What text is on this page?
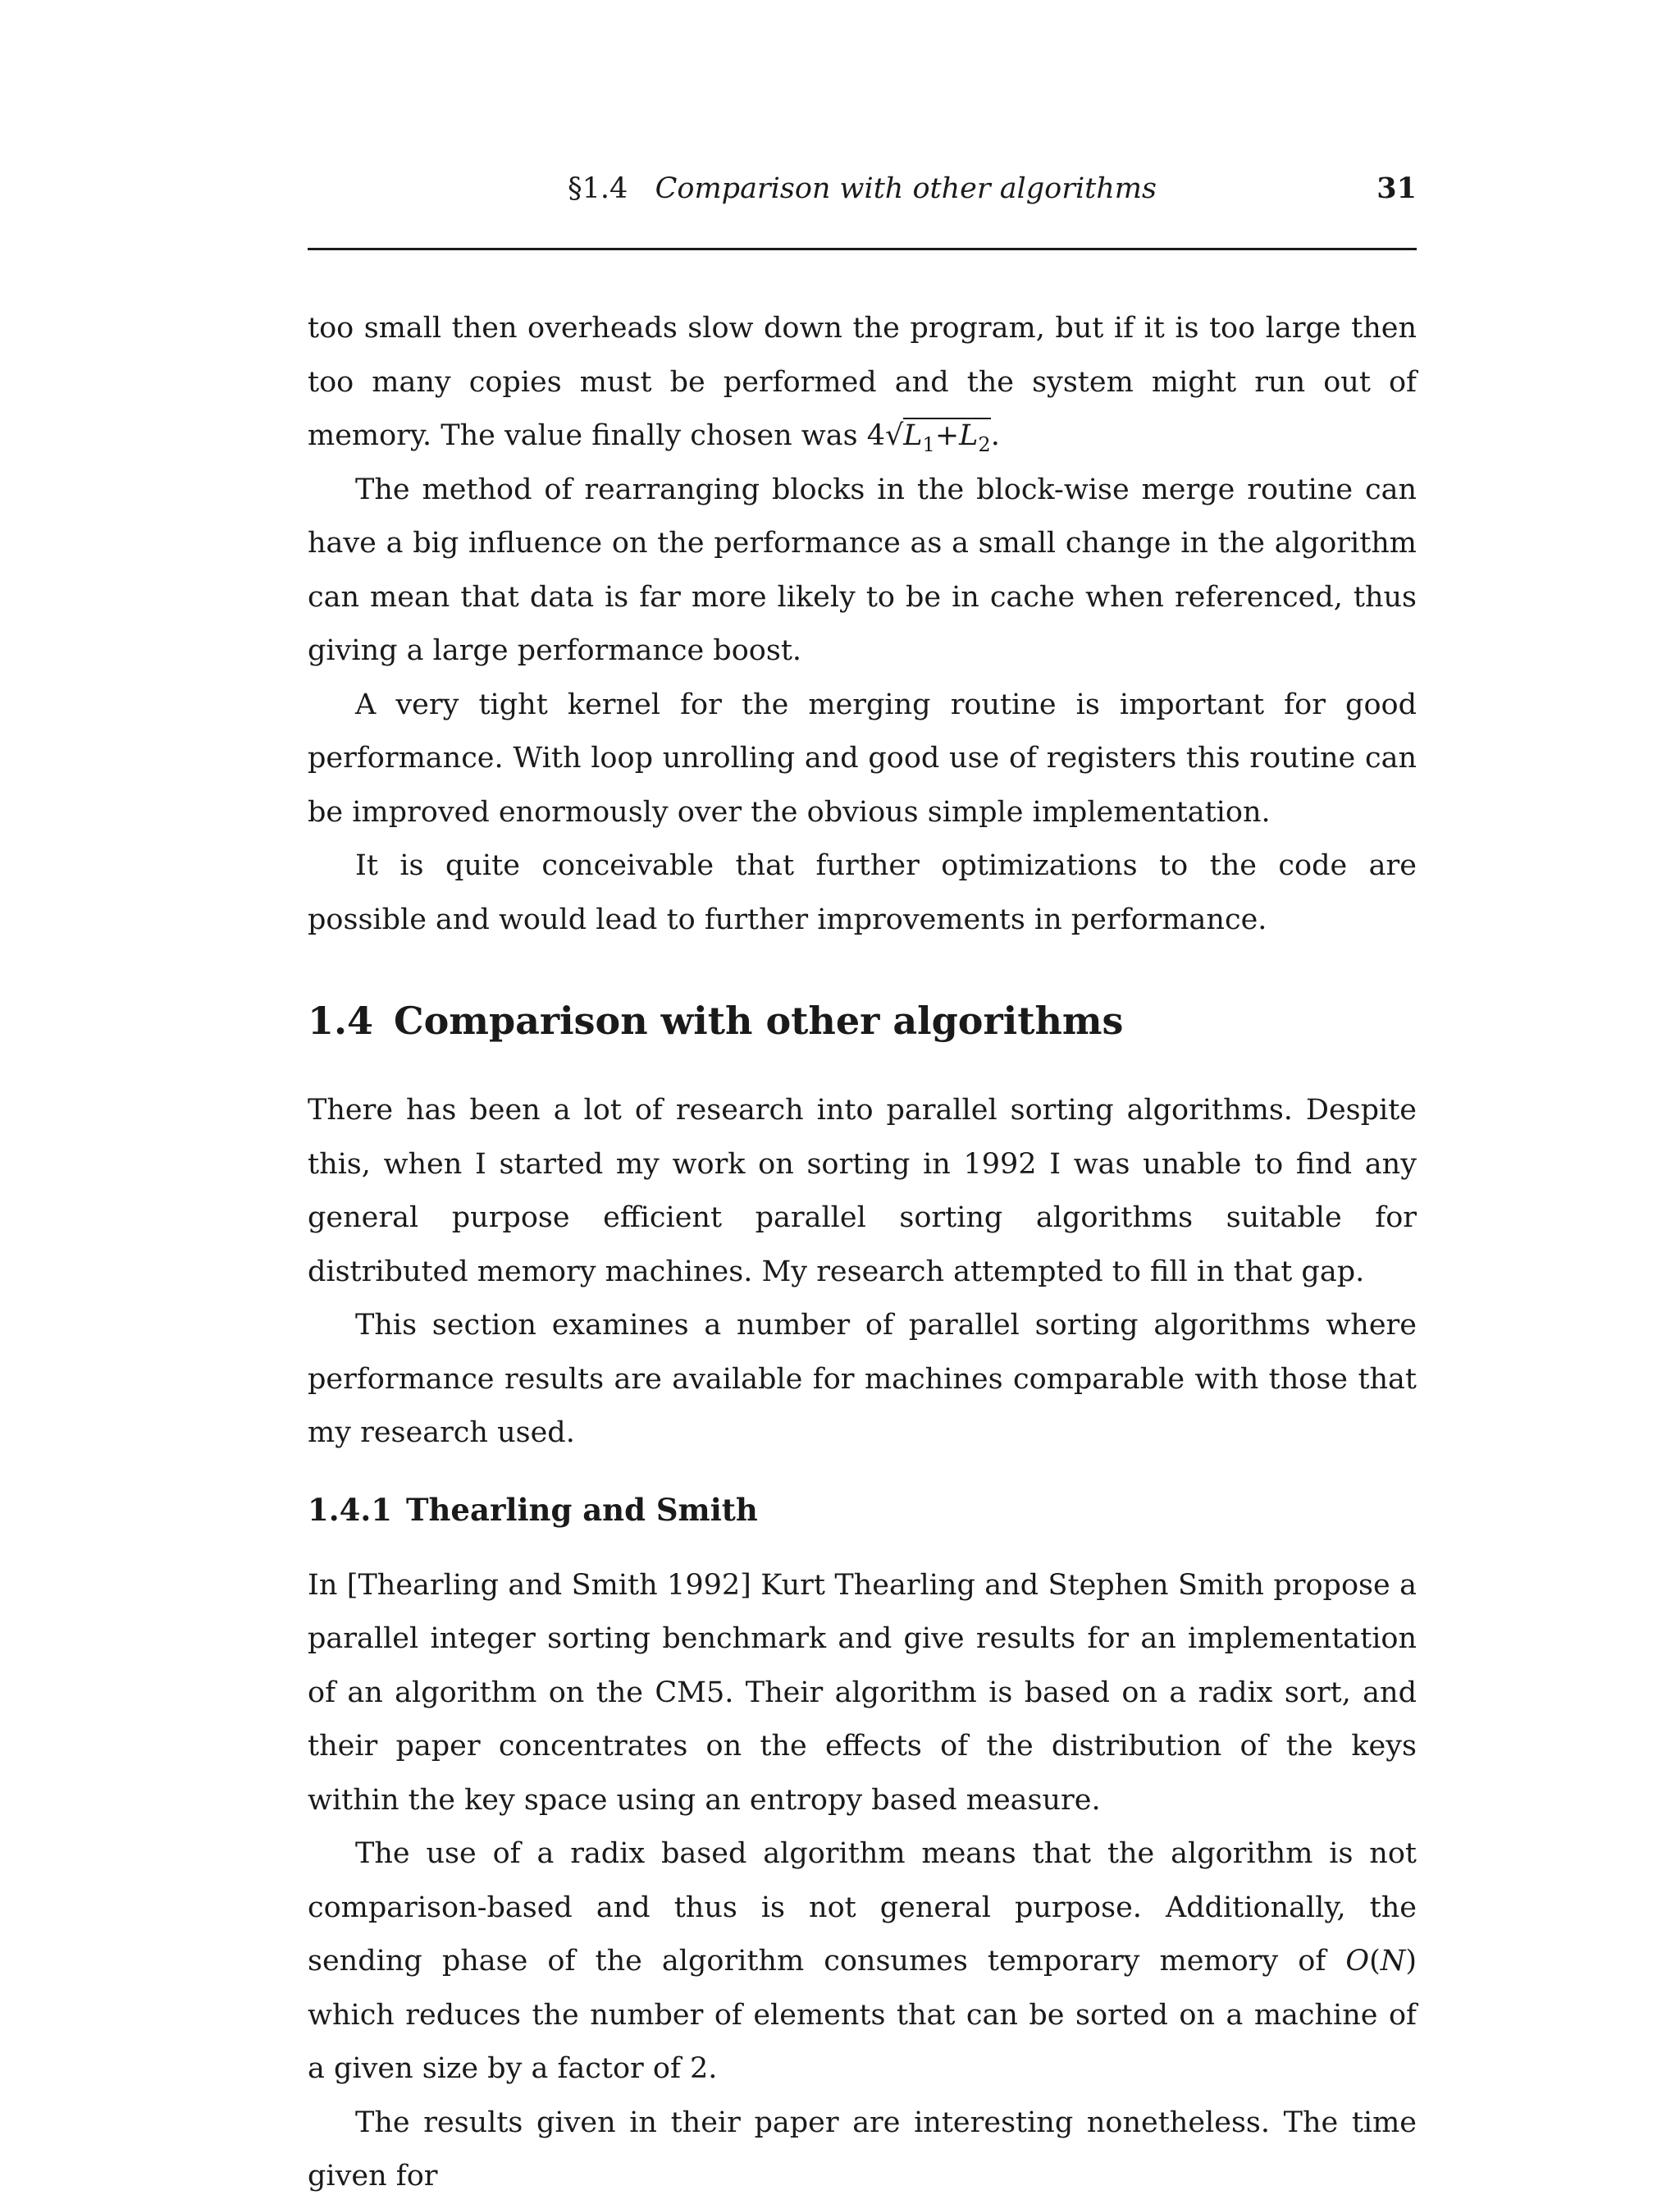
§1.4 Comparison with other algorithms	31

too small then overheads slow down the program, but if it is too large then too many copies must be performed and the system might run out of memory. The value finally chosen was $4√L_1+L_2$.

The method of rearranging blocks in the block-wise merge routine can have a big influence on the performance as a small change in the algorithm can mean that data is far more likely to be in cache when referenced, thus giving a large performance boost.

A very tight kernel for the merging routine is important for good performance. With loop unrolling and good use of registers this routine can be improved enormously over the obvious simple implementation.

It is quite conceivable that further optimizations to the code are possible and would lead to further improvements in performance.

1.4 Comparison with other algorithms

There has been a lot of research into parallel sorting algorithms. Despite this, when I started my work on sorting in 1992 I was unable to find any general purpose efficient parallel sorting algorithms suitable for distributed memory machines. My research attempted to fill in that gap.

This section examines a number of parallel sorting algorithms where performance results are available for machines comparable with those that my research used.

1.4.1 Thearling and Smith

In [Thearling and Smith 1992] Kurt Thearling and Stephen Smith propose a parallel integer sorting benchmark and give results for an implementation of an algorithm on the CM5. Their algorithm is based on a radix sort, and their paper concentrates on the effects of the distribution of the keys within the key space using an entropy based measure.

The use of a radix based algorithm means that the algorithm is not comparison-based and thus is not general purpose. Additionally, the sending phase of the algorithm consumes temporary memory of O(N) which reduces the number of elements that can be sorted on a machine of a given size by a factor of 2.

The results given in their paper are interesting nonetheless. The time given for
